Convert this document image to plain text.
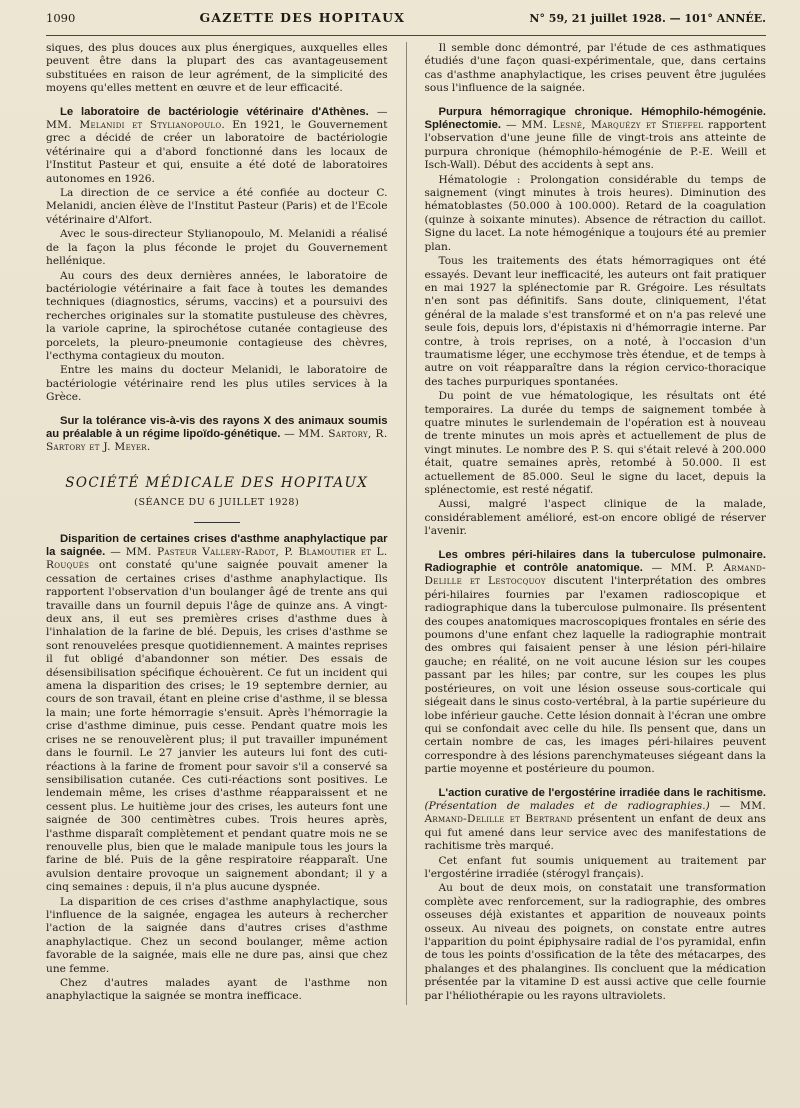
1090	GAZETTE DES HOPITAUX	N° 59, 21 juillet 1928. — 101° ANNÉE.

siques, des plus douces aux plus énergiques, auxquelles elles peuvent être dans la plupart des cas avantageusement substituées en raison de leur agrément, de la simplicité des moyens qu'elles mettent en œuvre et de leur efficacité.

Le laboratoire de bactériologie vétérinaire d'Athènes. — MM. Melanidi et Stylianopoulo. En 1921, le Gouvernement grec a décidé de créer un laboratoire de bactériologie vétérinaire qui a d'abord fonctionné dans les locaux de l'Institut Pasteur et qui, ensuite a été doté de laboratoires autonomes en 1926.

La direction de ce service a été confiée au docteur C. Melanidi, ancien élève de l'Institut Pasteur (Paris) et de l'Ecole vétérinaire d'Alfort.

Avec le sous-directeur Stylianopoulo, M. Melanidi a réalisé de la façon la plus féconde le projet du Gouvernement hellénique.

Au cours des deux dernières années, le laboratoire de bactériologie vétérinaire a fait face à toutes les demandes techniques (diagnostics, sérums, vaccins) et a poursuivi des recherches originales sur la stomatite pustuleuse des chèvres, la variole caprine, la spirochétose cutanée contagieuse des porcelets, la pleuro-pneumonie contagieuse des chèvres, l'ecthyma contagieux du mouton.

Entre les mains du docteur Melanidi, le laboratoire de bactériologie vétérinaire rend les plus utiles services à la Grèce.

Sur la tolérance vis-à-vis des rayons X des animaux soumis au préalable à un régime lipoïdo-génétique. — MM. Sartory, R. Sartory et J. Meyer.

SOCIÉTÉ MÉDICALE DES HOPITAUX
(SÉANCE DU 6 JUILLET 1928)

Disparition de certaines crises d'asthme anaphylactique par la saignée. — MM. Pasteur Vallery-Radot, P. Blamoutier et L. Rouquès ont constaté qu'une saignée pouvait amener la cessation de certaines crises d'asthme anaphylactique. Ils rapportent l'observation d'un boulanger âgé de trente ans qui travaille dans un fournil depuis l'âge de quinze ans. A vingt-deux ans, il eut ses premières crises d'asthme dues à l'inhalation de la farine de blé. Depuis, les crises d'asthme se sont renouvelées presque quotidiennement. A maintes reprises il fut obligé d'abandonner son métier. Des essais de désensibilisation spécifique échouèrent. Ce fut un incident qui amena la disparition des crises; le 19 septembre dernier, au cours de son travail, étant en pleine crise d'asthme, il se blessa la main; une forte hémorragie s'ensuit. Après l'hémorragie la crise d'asthme diminue, puis cesse. Pendant quatre mois les crises ne se renouvelèrent plus; il put travailler impunément dans le fournil. Le 27 janvier les auteurs lui font des cuti-réactions à la farine de froment pour savoir s'il a conservé sa sensibilisation cutanée. Ces cuti-réactions sont positives. Le lendemain même, les crises d'asthme réapparaissent et ne cessent plus. Le huitième jour des crises, les auteurs font une saignée de 300 centimètres cubes. Trois heures après, l'asthme disparaît complètement et pendant quatre mois ne se renouvelle plus, bien que le malade manipule tous les jours la farine de blé. Puis de la gêne respiratoire réapparaît. Une avulsion dentaire provoque un saignement abondant; il y a cinq semaines : depuis, il n'a plus aucune dyspnée.

La disparition de ces crises d'asthme anaphylactique, sous l'influence de la saignée, engagea les auteurs à rechercher l'action de la saignée dans d'autres crises d'asthme anaphylactique. Chez un second boulanger, même action favorable de la saignée, mais elle ne dure pas, ainsi que chez une femme.

Chez d'autres malades ayant de l'asthme non anaphylactique la saignée se montra inefficace.

Il semble donc démontré, par l'étude de ces asthmatiques étudiés d'une façon quasi-expérimentale, que, dans certains cas d'asthme anaphylactique, les crises peuvent être jugulées sous l'influence de la saignée.

Purpura hémorragique chronique. Hémophilo-hémogénie. Splénectomie. — MM. Lesné, Marquézy et Stieffel rapportent l'observation d'une jeune fille de vingt-trois ans atteinte de purpura chronique (hémophilo-hémogénie de P.-E. Weill et Isch-Wall). Début des accidents à sept ans.

Hématologie : Prolongation considérable du temps de saignement (vingt minutes à trois heures). Diminution des hématoblastes (50.000 à 100.000). Retard de la coagulation (quinze à soixante minutes). Absence de rétraction du caillot. Signe du lacet. La note hémogénique a toujours été au premier plan.

Tous les traitements des états hémorragiques ont été essayés. Devant leur inefficacité, les auteurs ont fait pratiquer en mai 1927 la splénectomie par R. Grégoire. Les résultats n'en sont pas définitifs. Sans doute, cliniquement, l'état général de la malade s'est transformé et on n'a pas relevé une seule fois, depuis lors, d'épistaxis ni d'hémorragie interne. Par contre, à trois reprises, on a noté, à l'occasion d'un traumatisme léger, une ecchymose très étendue, et de temps à autre on voit réapparaître dans la région cervico-thoracique des taches purpuriques spontanées.

Du point de vue hématologique, les résultats ont été temporaires. La durée du temps de saignement tombée à quatre minutes le surlendemain de l'opération est à nouveau de trente minutes un mois après et actuellement de plus de vingt minutes. Le nombre des P. S. qui s'était relevé à 200.000 était, quatre semaines après, retombé à 50.000. Il est actuellement de 85.000. Seul le signe du lacet, depuis la splénectomie, est resté négatif.

Aussi, malgré l'aspect clinique de la malade, considérablement amélioré, est-on encore obligé de réserver l'avenir.

Les ombres péri-hilaires dans la tuberculose pulmonaire. Radiographie et contrôle anatomique. — MM. P. Armand-Delille et Lestocquoy discutent l'interprétation des ombres péri-hilaires fournies par l'examen radioscopique et radiographique dans la tuberculose pulmonaire. Ils présentent des coupes anatomiques macroscopiques frontales en série des poumons d'une enfant chez laquelle la radiographie montrait des ombres qui faisaient penser à une lésion péri-hilaire gauche; en réalité, on ne voit aucune lésion sur les coupes passant par les hiles; par contre, sur les coupes les plus postérieures, on voit une lésion osseuse sous-corticale qui siégeait dans le sinus costo-vertébral, à la partie supérieure du lobe inférieur gauche. Cette lésion donnait à l'écran une ombre qui se confondait avec celle du hile. Ils pensent que, dans un certain nombre de cas, les images péri-hilaires peuvent correspondre à des lésions parenchymateuses siégeant dans la partie moyenne et postérieure du poumon.

L'action curative de l'ergostérine irradiée dans le rachitisme. (Présentation de malades et de radiographies.) — MM. Armand-Delille et Bertrand présentent un enfant de deux ans qui fut amené dans leur service avec des manifestations de rachitisme très marqué.

Cet enfant fut soumis uniquement au traitement par l'ergostérine irradiée (stérogyl français).

Au bout de deux mois, on constatait une transformation complète avec renforcement, sur la radiographie, des ombres osseuses déjà existantes et apparition de nouveaux points osseux. Au niveau des poignets, on constate entre autres l'apparition du point épiphysaire radial de l'os pyramidal, enfin de tous les points d'ossification de la tête des métacarpes, des phalanges et des phalangines. Ils concluent que la médication présentée par la vitamine D est aussi active que celle fournie par l'héliothérapie ou les rayons ultraviolets.
